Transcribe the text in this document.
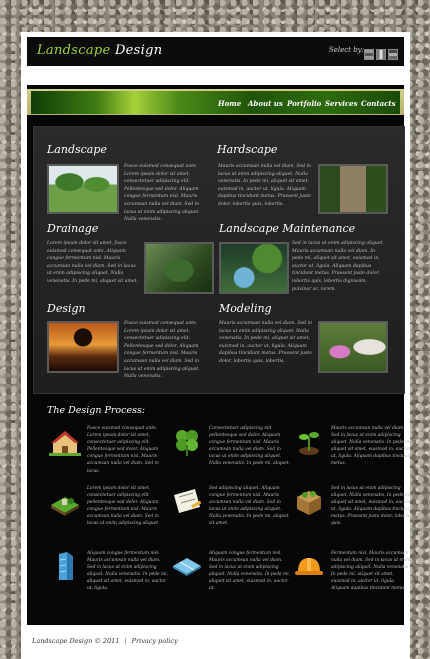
Landscape Design	Select by:
Home About us Portfolio Services Contacts
Landscape
Fusce euismod consequat ante. Lorem ipsum dolor sit amet, consectetuer adipiscing elit. Pellentesque sed dolor. Aliquam congue fermentum nisl. Mauris accumsan nulla vel diam. Sed in lacus ut enim adipiscing aliquet. Nulla venenatis.
Hardscape
Mauris accumsan nulla vel diam. Sed in lacus ut enim adipiscing aliquet. Nulla venenatis. In pede mi, aliquet sit amet, euismod in, auctor ut, ligula. Aliquam dapibus tincidunt metus. Praesent justo dolor, lobortis quis, lobortis.
Drainage
Lorem ipsum dolor sit amet, fusce euismod consequat ante. Aliquam congue fermentum nisl. Mauris accumsan nulla vel diam. Sed in lacus ut enim adipiscing aliquet. Nulla venenatis. In pede mi, aliquet sit amet.
Landscape Maintenance
Sed in lacus ut enim adipiscing aliquet. Mauris accumsan nulla vel diam. In pede mi, aliquet sit amet, euismod in, auctor ut, ligula. Aliquam dapibus tincidunt metus. Praesent justo dolor, lobortis quis, lobortis dignissim, pulvinar ac, lorem.
Design
Fusce euismod consequat ante. Lorem ipsum dolor sit amet, consectetuer adipiscing elit. Pellentesque sed dolor. Aliquam congue fermentum nisl. Mauris accumsan nulla vel diam. Sed in lacus ut enim adipiscing aliquet. Nulla venenatis.
Modeling
Mauris accumsan nulla vel diam. Sed in lacus ut enim adipiscing aliquet. Nulla venenatis. In pede mi, aliquet sit amet, euismod in, auctor ut, ligula. Aliquam dapibus tincidunt metus. Praesent justo dolor, lobortis quis, lobortis.
The Design Process:
Fusce euismod consequat ante. Lorem ipsum dolor sit amet, consectetuer adipiscing elit. Pellentesque sed dolor. Aliquam congue fermentum nisl. Mauris accumsan nulla vel diam. Sed in lacus.
Consectetuer adipiscing elit pellentesque sed dolor. Aliquam congue fermentum nisl. Mauris accumsan nulla vel diam. Sed in lacus ut enim adipiscing aliquet. Nulla venenatis. In pede mi, aliquet.
Mauris accumsan nulla vel diam. Sed in lacus ut enim adipiscing aliquet. Nulla venenatis. In pede mi, aliquet sit amet, euismod in, auctor ut, ligula. Aliquam dapibus tincidunt metus.
Lorem ipsum dolor sit amet, consectetuer adipiscing elit pellentesque sed dolor. Aliquam congue fermentum nisl. Mauris accumsan nulla vel diam. Sed in lacus ut enim adipiscing aliquet.
Sed adipiscing aliquet. Aliquam congue fermentum nisl. Mauris accumsan nulla vel diam. Sed in lacus ut enim adipiscing aliquet. Nulla venenatis. In pede mi, aliquet sit amet.
Sed in lacus ut enim adipiscing aliquet. Nulla venenatis. In pede mi, aliquet sit amet, euismod in, auctor ut, ligula. Aliquam dapibus tincidunt metus. Praesent justo dolor, lobortis quis.
Aliquam congue fermentum nisl. Mauris accumsan nulla vel diam. Sed in lacus ut enim adipiscing aliquet. Nulla venenatis. In pede mi, aliquet sit amet, euismod in, auctor ut, ligula.
Aliquam congue fermentum nisl. Mauris accumsan nulla vel diam. Sed in lacus ut enim adipiscing aliquet. Nulla venenatis. In pede mi, aliquet sit amet, euismod in, auctor ut.
Fermentum nisl. Mauris accumsan nulla vel diam. Sed in lacus ut enim adipiscing aliquet. Nulla venenatis. In pede mi, aliquet sit amet, euismod in, auctor ut, ligula. Aliquam dapibus tincidunt metus.
Landscape Design © 2011 | Privacy policy
